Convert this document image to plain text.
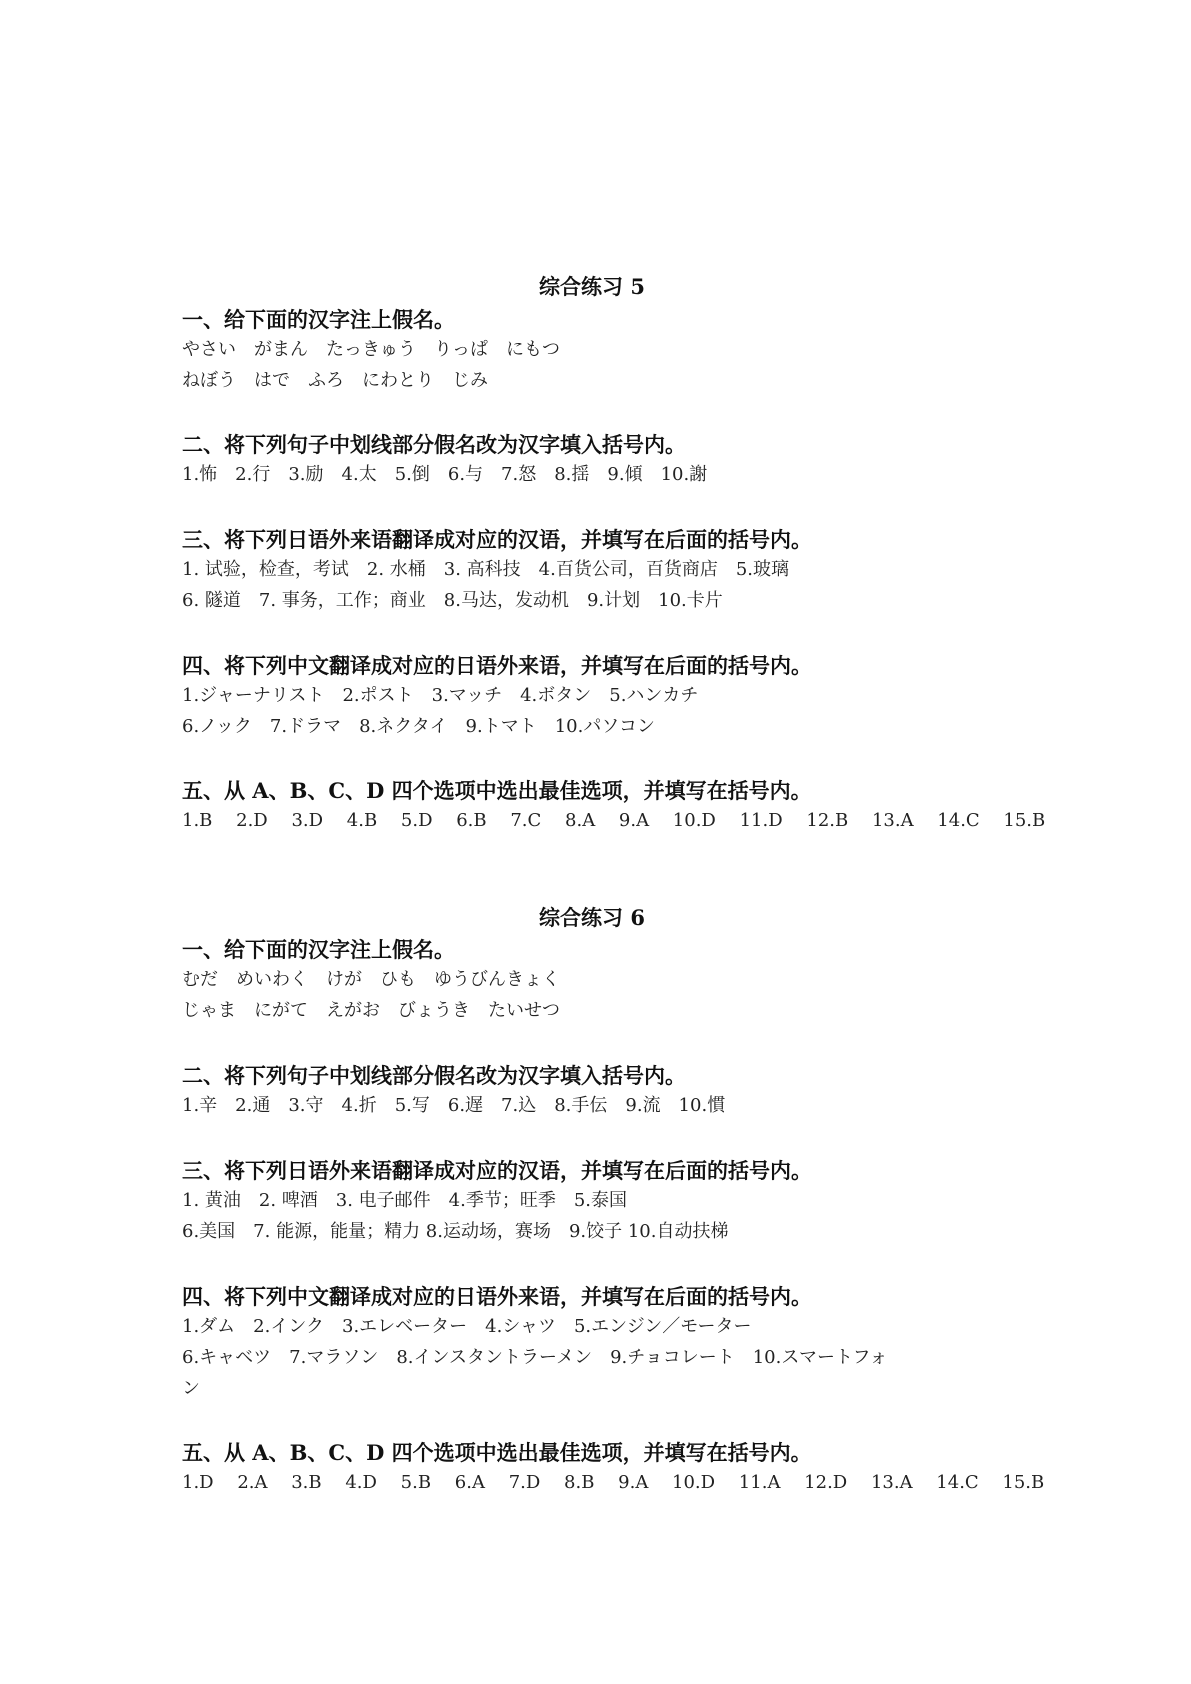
综合练习 5
一、给下面的汉字注上假名。
やさい　がまん　たっきゅう　りっぱ　にもつ
ねぼう　はで　ふろ　にわとり　じみ
二、将下列句子中划线部分假名改为汉字填入括号内。
1.怖　2.行　3.励　4.太　5.倒　6.与　7.怒　8.揺　9.傾　10.謝
三、将下列日语外来语翻译成对应的汉语，并填写在后面的括号内。
1. 试验，检查，考试　2. 水桶　3. 高科技　4.百货公司，百货商店　5.玻璃
6. 隧道　7. 事务，工作；商业　8.马达，发动机　9.计划　10.卡片
四、将下列中文翻译成对应的日语外来语，并填写在后面的括号内。
1.ジャーナリスト　2.ポスト　3.マッチ　4.ボタン　5.ハンカチ
6.ノック　7.ドラマ　8.ネクタイ　9.トマト　10.パソコン
五、从 A、B、C、D 四个选项中选出最佳选项，并填写在括号内。
1.B　 2.D　 3.D　 4.B　 5.D　 6.B　 7.C　 8.A　 9.A　 10.D　 11.D　 12.B　 13.A　 14.C　 15.B
综合练习 6
一、给下面的汉字注上假名。
むだ　めいわく　けが　ひも　ゆうびんきょく
じゃま　にがて　えがお　びょうき　たいせつ
二、将下列句子中划线部分假名改为汉字填入括号内。
1.辛　2.通　3.守　4.折　5.写　6.遅　7.込　8.手伝　9.流　10.慣
三、将下列日语外来语翻译成对应的汉语，并填写在后面的括号内。
1. 黄油　2. 啤酒　3. 电子邮件　4.季节；旺季　5.泰国
6.美国　7. 能源，能量；精力 8.运动场，赛场　9.饺子 10.自动扶梯
四、将下列中文翻译成对应的日语外来语，并填写在后面的括号内。
1.ダム　2.インク　3.エレベーター　4.シャツ　5.エンジン／モーター
6.キャベツ　7.マラソン　8.インスタントラーメン　9.チョコレート　10.スマートフォ
ン
五、从 A、B、C、D 四个选项中选出最佳选项，并填写在括号内。
1.D　 2.A　 3.B　 4.D　 5.B　 6.A　 7.D　 8.B　 9.A　 10.D　 11.A　 12.D　 13.A　 14.C　 15.B
